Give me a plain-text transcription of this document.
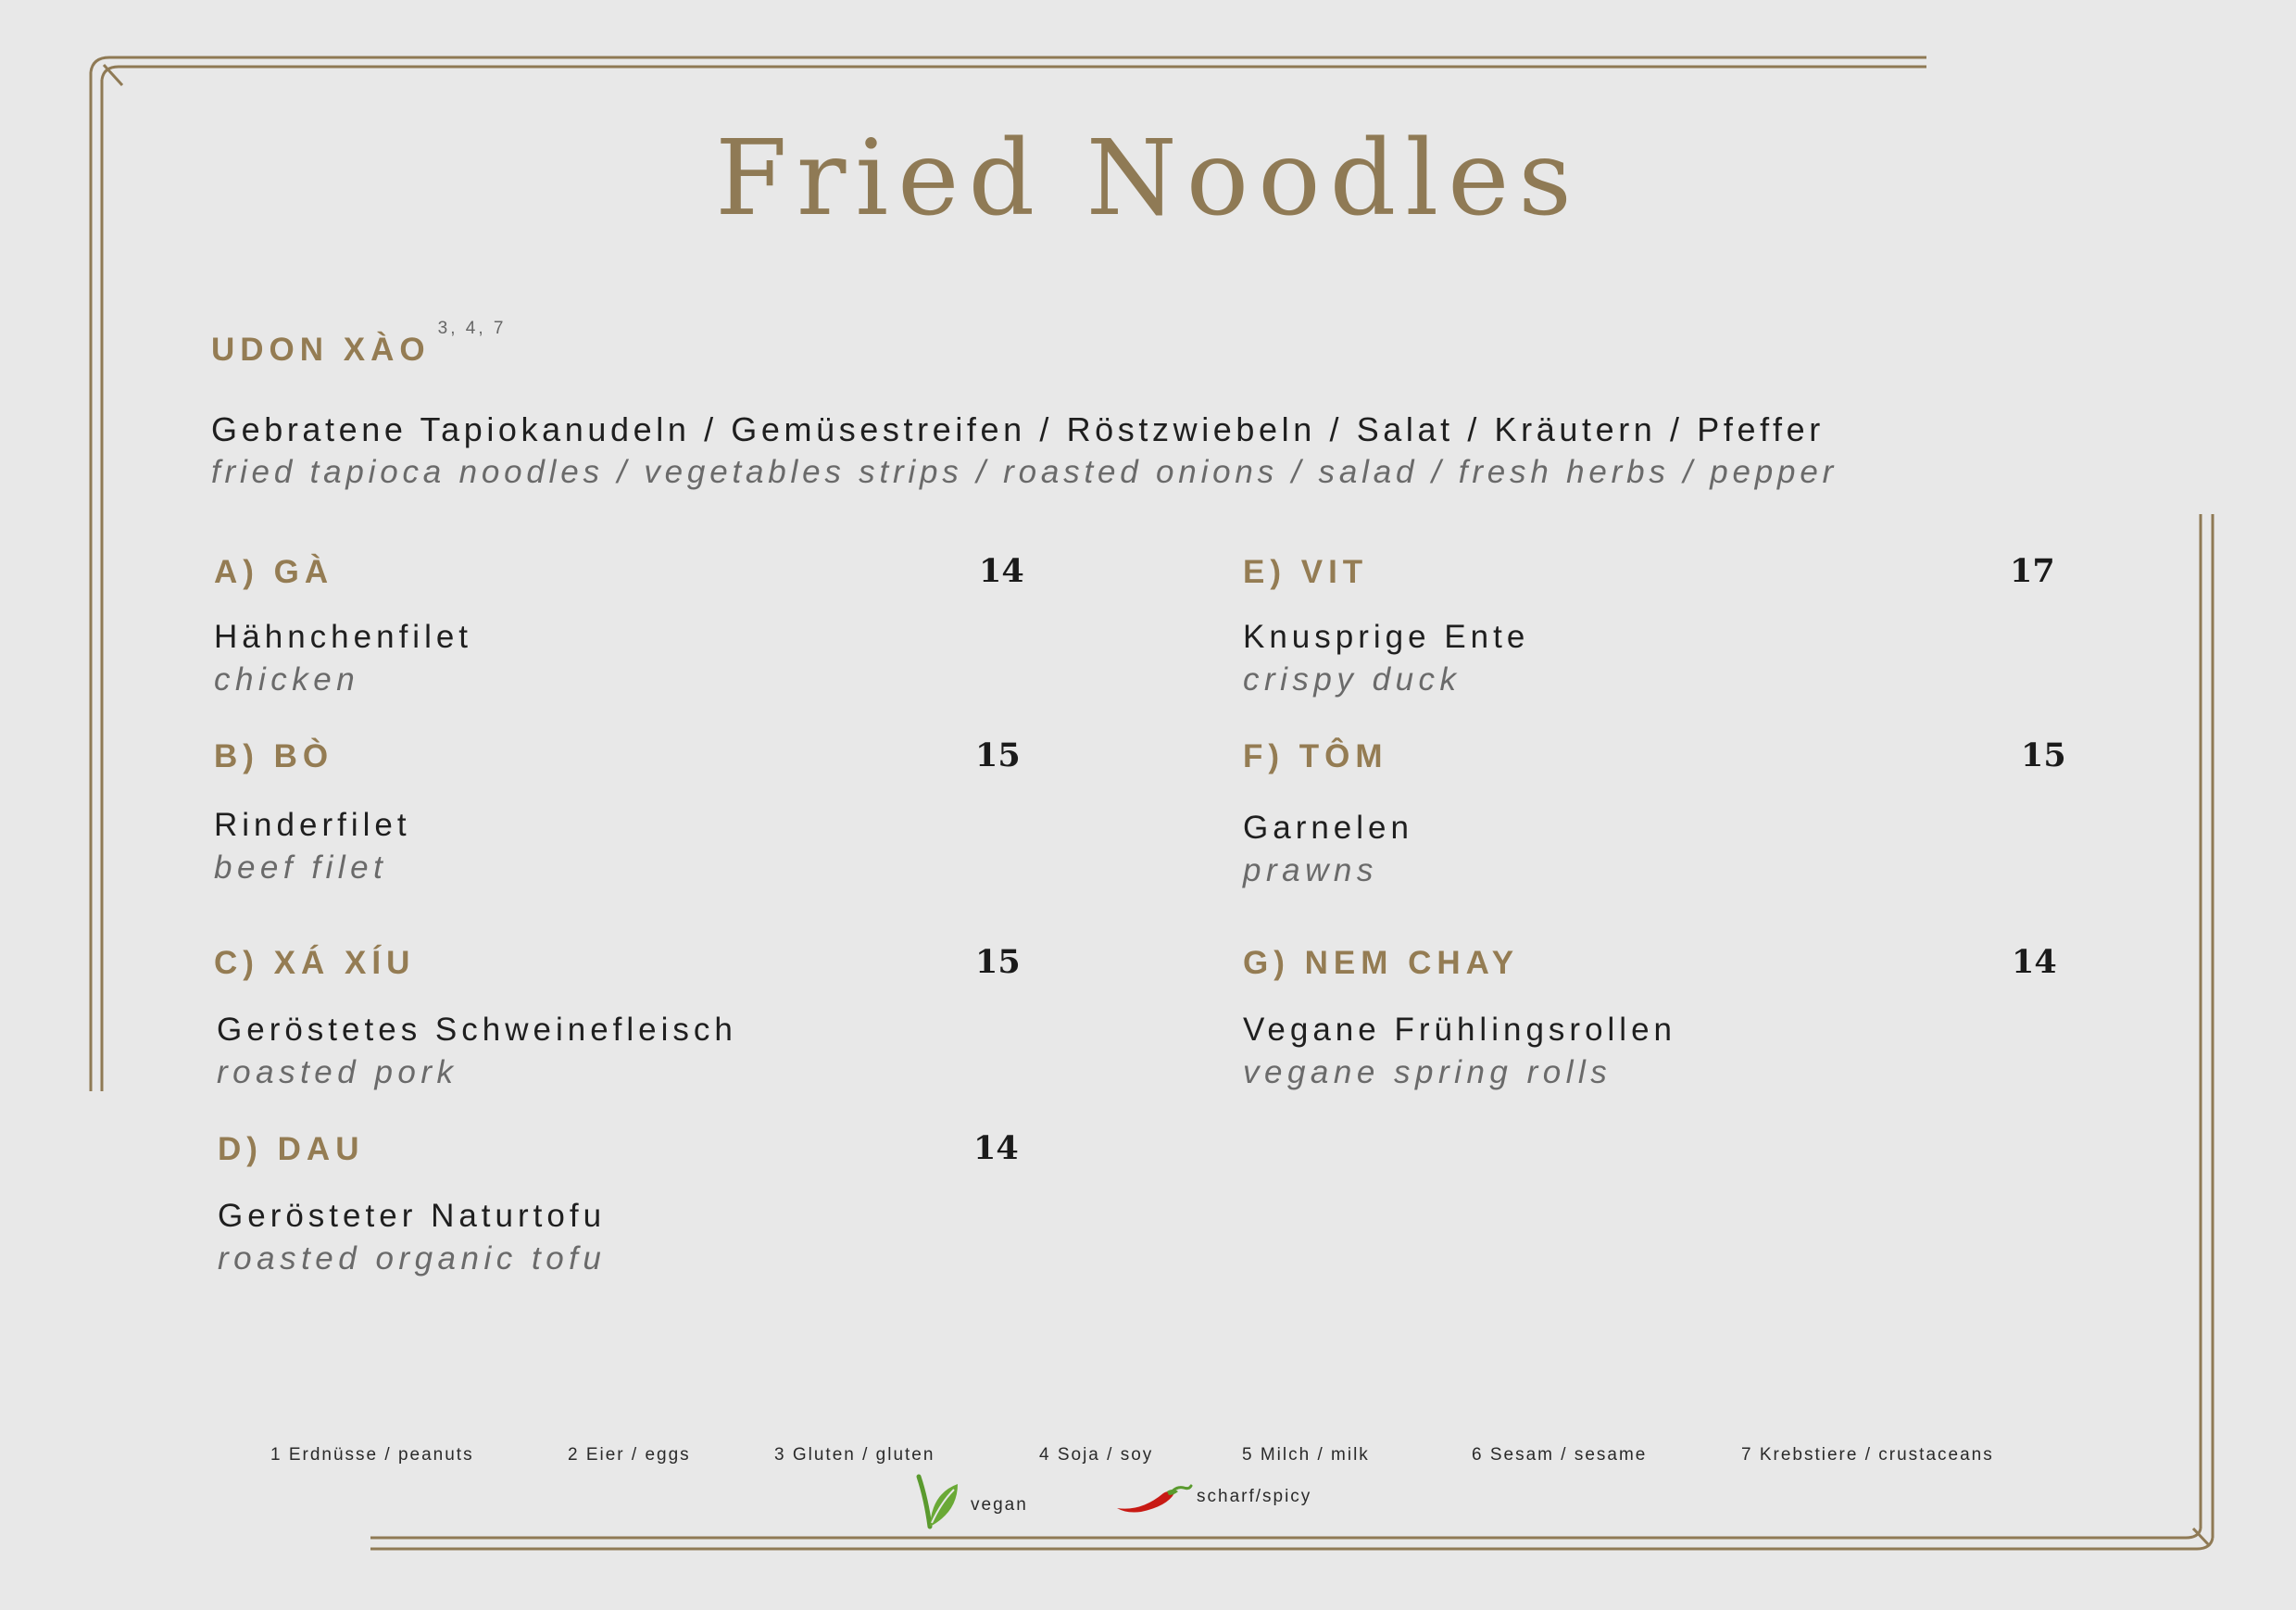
Fried Noodles
UDON XÀO$^{3, 4, 7}$
Gebratene Tapiokanudeln / Gemüsestreifen / Röstzwiebeln / Salat / Kräutern / Pfeffer
fried tapioca noodles / vegetables strips / roasted onions / salad / fresh herbs / pepper
A) GÀ	14
Hähnchenfilet
chicken
B) BÒ	15
Rinderfilet
beef filet
C) XÁ XÍU	15
Geröstetes Schweinefleisch
roasted pork
D) DAU	14
Gerösteter Naturtofu
roasted organic tofu
E) VIT	17
Knusprige Ente
crispy duck
F) TÔM	15
Garnelen
prawns
G) NEM CHAY	14
Vegane Frühlingsrollen
vegane spring rolls
1 Erdnüsse / peanuts	2 Eier / eggs	3 Gluten / gluten	4 Soja / soy	5 Milch / milk	6 Sesam / sesame	7 Krebstiere / crustaceans
vegan	scharf/spicy
